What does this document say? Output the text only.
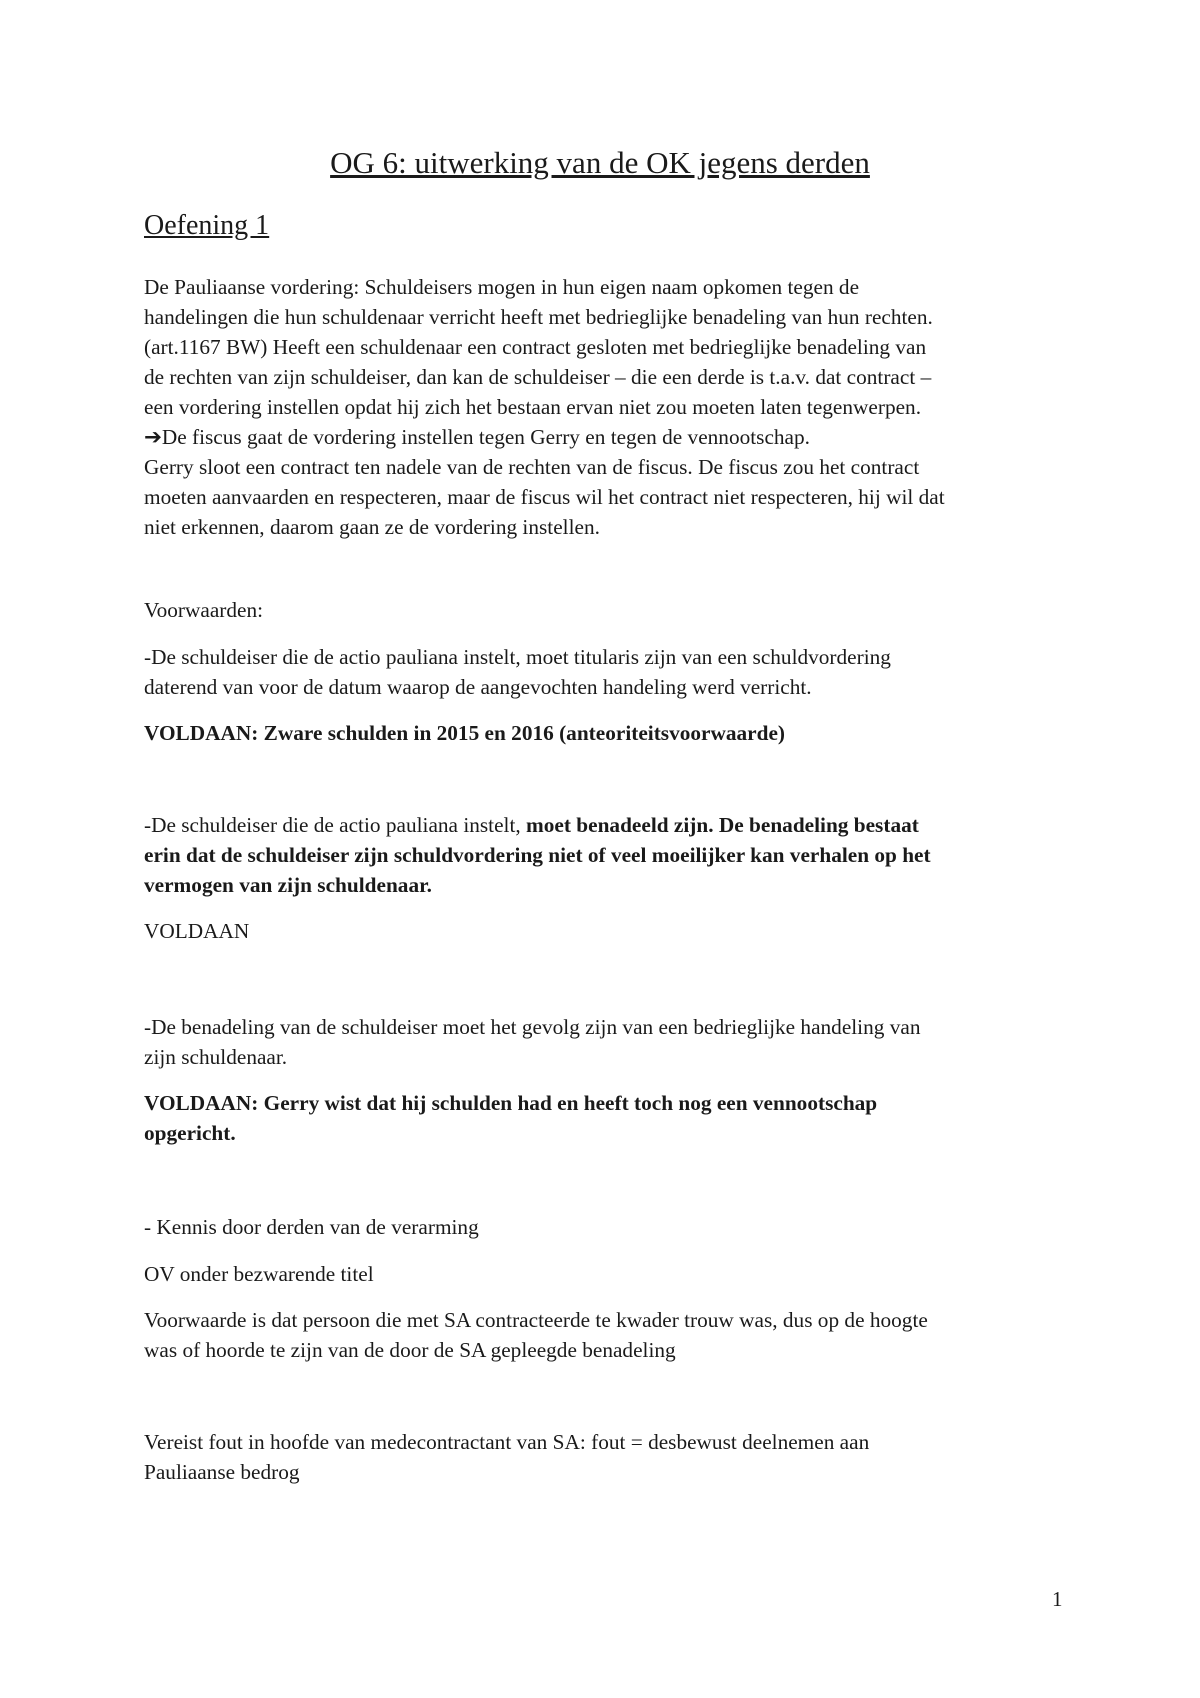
OG 6: uitwerking van de OK jegens derden
Oefening 1
De Pauliaanse vordering: Schuldeisers mogen in hun eigen naam opkomen tegen de
handelingen die hun schuldenaar verricht heeft met bedrieglijke benadeling van hun rechten.
(art.1167 BW) Heeft een schuldenaar een contract gesloten met bedrieglijke benadeling van
de rechten van zijn schuldeiser, dan kan de schuldeiser – die een derde is t.a.v. dat contract –
een vordering instellen opdat hij zich het bestaan ervan niet zou moeten laten tegenwerpen.
➔De fiscus gaat de vordering instellen tegen Gerry en tegen de vennootschap.
Gerry sloot een contract ten nadele van de rechten van de fiscus. De fiscus zou het contract
moeten aanvaarden en respecteren, maar de fiscus wil het contract niet respecteren, hij wil dat
niet erkennen, daarom gaan ze de vordering instellen.
Voorwaarden:
-De schuldeiser die de actio pauliana instelt, moet titularis zijn van een schuldvordering
daterend van voor de datum waarop de aangevochten handeling werd verricht.
VOLDAAN: Zware schulden in 2015 en 2016 (anteoriteitsvoorwaarde)
-De schuldeiser die de actio pauliana instelt, moet benadeeld zijn. De benadeling bestaat
erin dat de schuldeiser zijn schuldvordering niet of veel moeilijker kan verhalen op het
vermogen van zijn schuldenaar.
VOLDAAN
-De benadeling van de schuldeiser moet het gevolg zijn van een bedrieglijke handeling van
zijn schuldenaar.
VOLDAAN: Gerry wist dat hij schulden had en heeft toch nog een vennootschap
opgericht.
- Kennis door derden van de verarming
OV onder bezwarende titel
Voorwaarde is dat persoon die met SA contracteerde te kwader trouw was, dus op de hoogte
was of hoorde te zijn van de door de SA gepleegde benadeling
Vereist fout in hoofde van medecontractant van SA: fout = desbewust deelnemen aan
Pauliaanse bedrog
1
